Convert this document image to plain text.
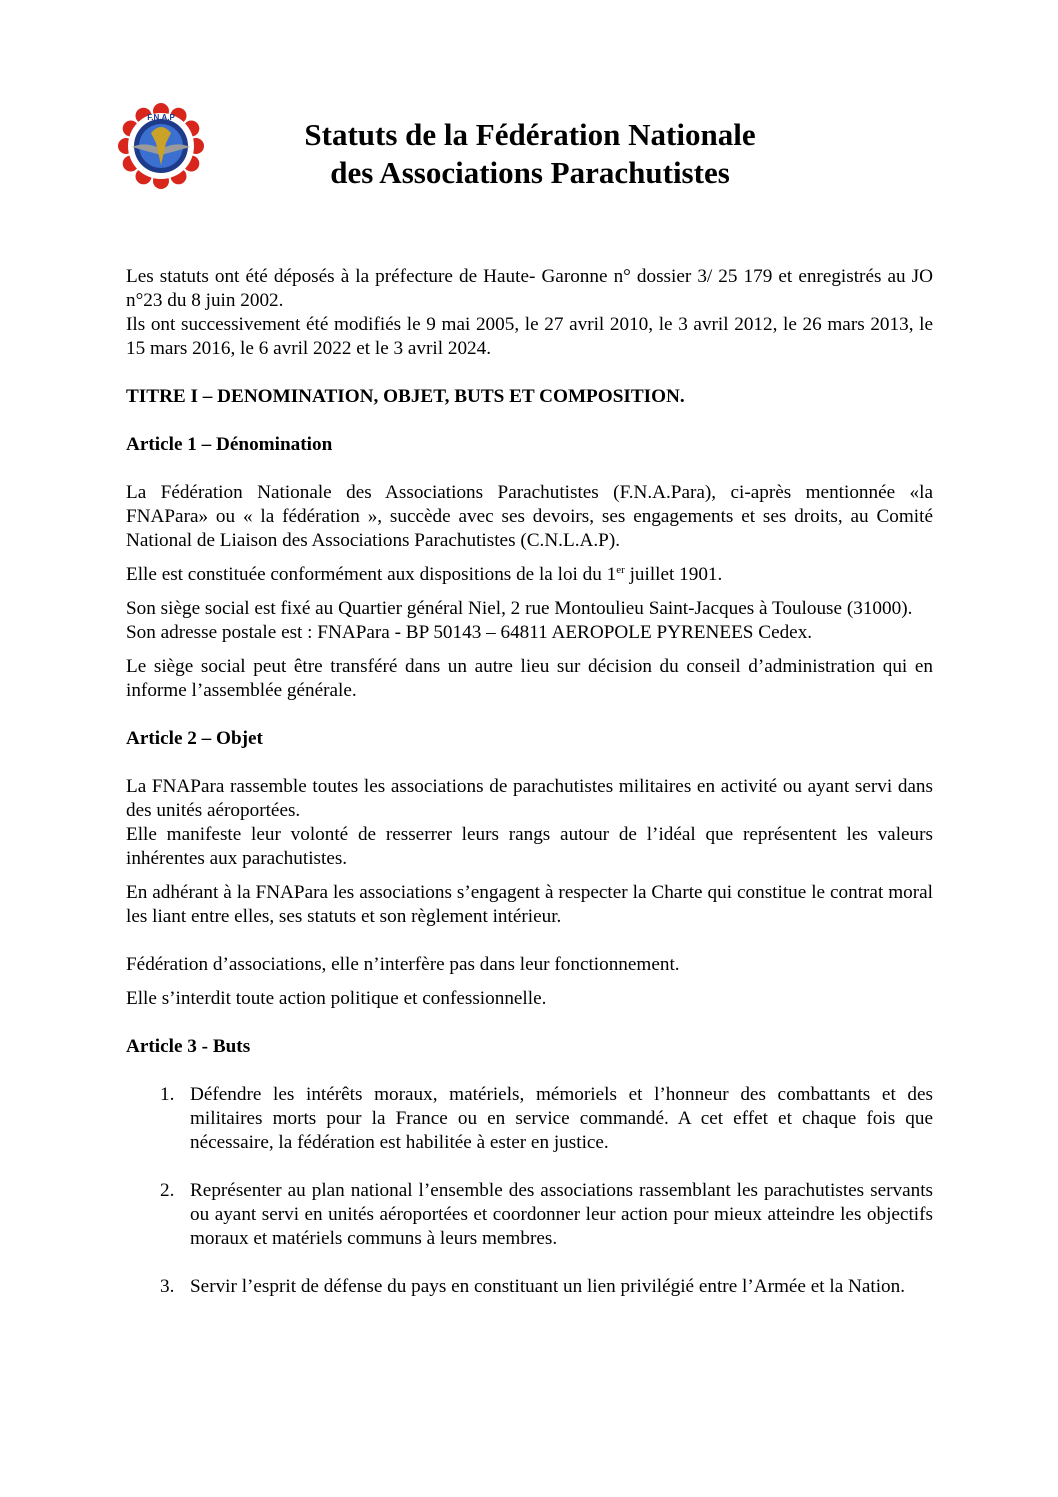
F.N.A.P	Statuts de la Fédération Nationale
des Associations Parachutistes

Les statuts ont été déposés à la préfecture de Haute- Garonne n° dossier 3/ 25 179 et enregistrés au JO n°23 du 8 juin 2002.

Ils ont successivement été modifiés le 9 mai 2005, le 27 avril 2010, le 3 avril 2012, le 26 mars 2013, le 15 mars 2016, le 6 avril 2022 et le 3 avril 2024.

TITRE I – DENOMINATION, OBJET, BUTS ET COMPOSITION.

Article 1 – Dénomination

La Fédération Nationale des Associations Parachutistes (F.N.A.Para), ci-après mentionnée «la FNAPara» ou « la fédération », succède avec ses devoirs, ses engagements et ses droits, au Comité National de Liaison des Associations Parachutistes (C.N.L.A.P).

Elle est constituée conformément aux dispositions de la loi du 1er juillet 1901.

Son siège social est fixé au Quartier général Niel, 2 rue Montoulieu Saint-Jacques à Toulouse (31000).

Son adresse postale est : FNAPara - BP 50143 – 64811 AEROPOLE PYRENEES Cedex.

Le siège social peut être transféré dans un autre lieu sur décision du conseil d’administration qui en informe l’assemblée générale.

Article 2 – Objet

La FNAPara rassemble toutes les associations de parachutistes militaires en activité ou ayant servi dans des unités aéroportées.

Elle manifeste leur volonté de resserrer leurs rangs autour de l’idéal que représentent les valeurs inhérentes aux parachutistes.

En adhérant à la FNAPara les associations s’engagent à respecter la Charte qui constitue le contrat moral les liant entre elles, ses statuts et son règlement intérieur.

Fédération d’associations, elle n’interfère pas dans leur fonctionnement.

Elle s’interdit toute action politique et confessionnelle.

Article 3 - Buts

1. Défendre les intérêts moraux, matériels, mémoriels et l’honneur des combattants et des militaires morts pour la France ou en service commandé. A cet effet et chaque fois que nécessaire, la fédération est habilitée à ester en justice.
2. Représenter au plan national l’ensemble des associations rassemblant les parachutistes servants ou ayant servi en unités aéroportées et coordonner leur action pour mieux atteindre les objectifs moraux et matériels communs à leurs membres.
3. Servir l’esprit de défense du pays en constituant un lien privilégié entre l’Armée et la Nation.
